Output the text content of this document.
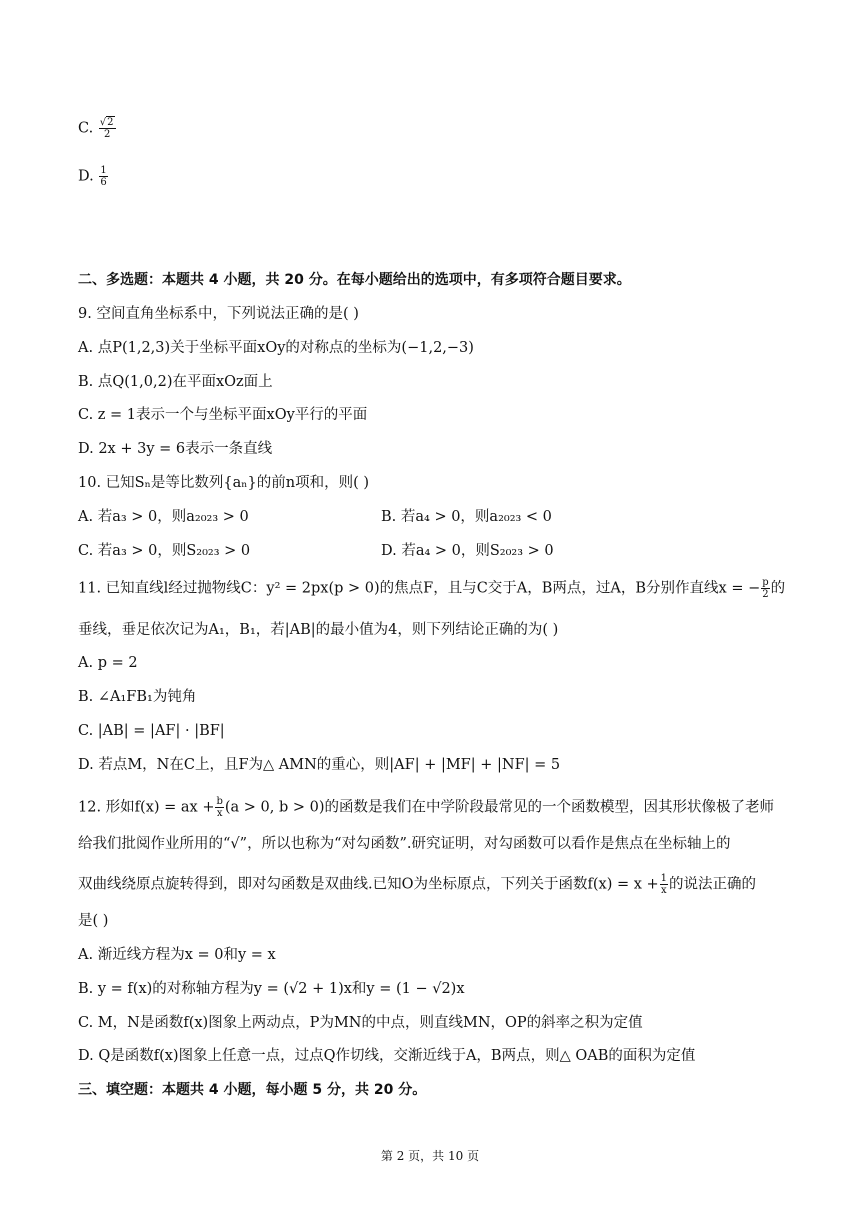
C. $\frac{√2}{2}$
D. $\frac{1}{6}$
二、多选题：本题共 4 小题，共 20 分。在每小题给出的选项中，有多项符合题目要求。
9. 空间直角坐标系中，下列说法正确的是( )
A. 点P(1,2,3)关于坐标平面xOy的对称点的坐标为(−1,2,−3)
B. 点Q(1,0,2)在平面xOz面上
C. z = 1表示一个与坐标平面xOy平行的平面
D. 2x + 3y = 6表示一条直线
10. 已知Sₙ是等比数列{aₙ}的前n项和，则( )
A. 若a₃ > 0，则a₂₀₂₃ > 0	B. 若a₄ > 0，则a₂₀₂₃ < 0
C. 若a₃ > 0，则S₂₀₂₃ > 0	D. 若a₄ > 0，则S₂₀₂₃ > 0
11. 已知直线l经过抛物线C：y² = 2px(p > 0)的焦点F，且与C交于A，B两点，过A，B分别作直线x = − $\frac{p}{2}$ 的
垂线，垂足依次记为A₁，B₁，若|AB|的最小值为4，则下列结论正确的为( )
A. p = 2
B. ∠A₁FB₁为钝角
C. |AB| = |AF| · |BF|
D. 若点M，N在C上，且F为△ AMN的重心，则|AF| + |MF| + |NF| = 5
12. 形如f(x) = ax + $\frac{b}{x} (a > 0$, b > 0)的函数是我们在中学阶段最常见的一个函数模型，因其形状像极了老师
给我们批阅作业所用的“√”，所以也称为“对勾函数”.研究证明，对勾函数可以看作是焦点在坐标轴上的
双曲线绕原点旋转得到，即对勾函数是双曲线.已知O为坐标原点，下列关于函数$f(x) = x + \frac{1}{x}$ 的说法正确的
是( )
A. 渐近线方程为x = 0和y = x
B. y = f(x)的对称轴方程为y = (√2 + 1)x和y = (1 − √2)x
C. M，N是函数f(x)图象上两动点，P为MN的中点，则直线MN，OP的斜率之积为定值
D. Q是函数f(x)图象上任意一点，过点Q作切线，交渐近线于A，B两点，则△ OAB的面积为定值
三、填空题：本题共 4 小题，每小题 5 分，共 20 分。
第 2 页，共 10 页
